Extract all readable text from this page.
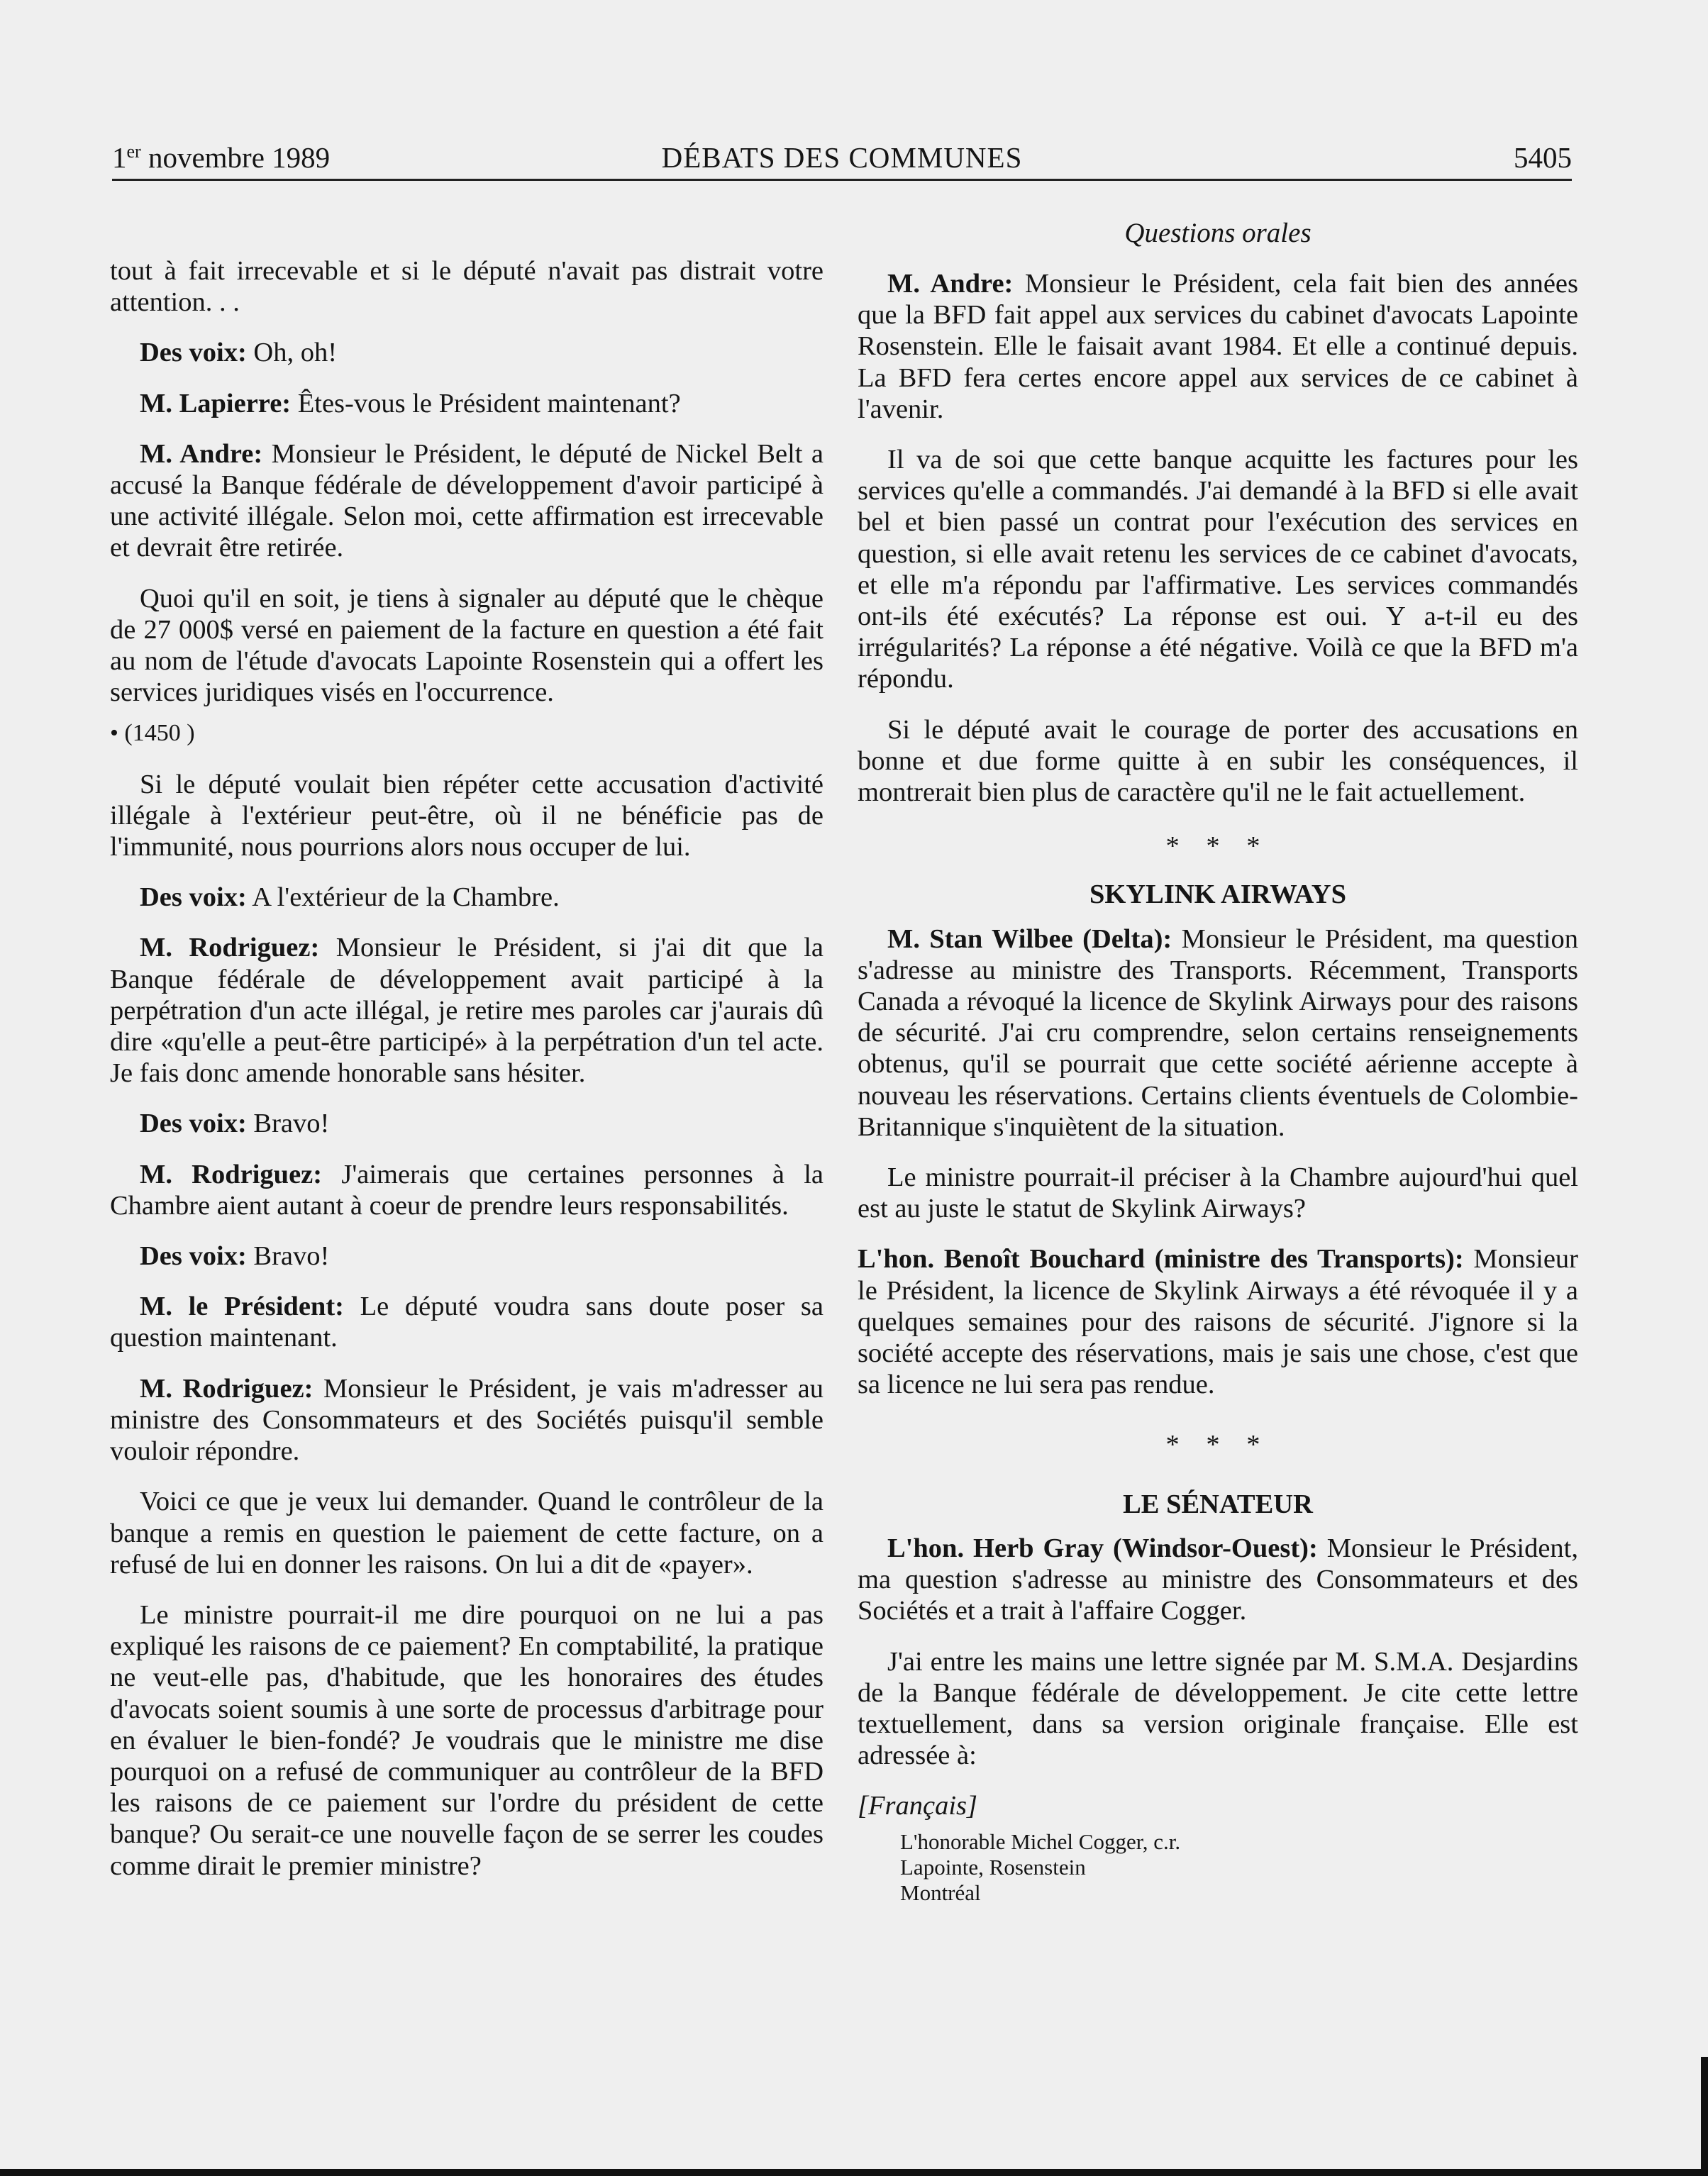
1er novembre 1989	DÉBATS DES COMMUNES	5405
Questions orales

tout à fait irrecevable et si le député n'avait pas distrait votre attention. . .

Des voix: Oh, oh!

M. Lapierre: Êtes-vous le Président maintenant?

M. Andre: Monsieur le Président, le député de Nickel Belt a accusé la Banque fédérale de développement d'avoir participé à une activité illégale. Selon moi, cette affirmation est irrecevable et devrait être retirée.

Quoi qu'il en soit, je tiens à signaler au député que le chèque de 27 000$ versé en paiement de la facture en question a été fait au nom de l'étude d'avocats Lapointe Rosenstein qui a offert les services juridiques visés en l'occurrence.

• (1450 )

Si le député voulait bien répéter cette accusation d'activité illégale à l'extérieur peut-être, où il ne bénéficie pas de l'immunité, nous pourrions alors nous occuper de lui.

Des voix: A l'extérieur de la Chambre.

M. Rodriguez: Monsieur le Président, si j'ai dit que la Banque fédérale de développement avait participé à la perpétration d'un acte illégal, je retire mes paroles car j'aurais dû dire «qu'elle a peut-être participé» à la perpétration d'un tel acte. Je fais donc amende honorable sans hésiter.

Des voix: Bravo!

M. Rodriguez: J'aimerais que certaines personnes à la Chambre aient autant à coeur de prendre leurs responsabilités.

Des voix: Bravo!

M. le Président: Le député voudra sans doute poser sa question maintenant.

M. Rodriguez: Monsieur le Président, je vais m'adresser au ministre des Consommateurs et des Sociétés puisqu'il semble vouloir répondre.

Voici ce que je veux lui demander. Quand le contrôleur de la banque a remis en question le paiement de cette facture, on a refusé de lui en donner les raisons. On lui a dit de «payer».

Le ministre pourrait-il me dire pourquoi on ne lui a pas expliqué les raisons de ce paiement? En comptabilité, la pratique ne veut-elle pas, d'habitude, que les honoraires des études d'avocats soient soumis à une sorte de processus d'arbitrage pour en évaluer le bien-fondé? Je voudrais que le ministre me dise pourquoi on a refusé de communiquer au contrôleur de la BFD les raisons de ce paiement sur l'ordre du président de cette banque? Ou serait-ce une nouvelle façon de se serrer les coudes comme dirait le premier ministre?

M. Andre: Monsieur le Président, cela fait bien des années que la BFD fait appel aux services du cabinet d'avocats Lapointe Rosenstein. Elle le faisait avant 1984. Et elle a continué depuis. La BFD fera certes encore appel aux services de ce cabinet à l'avenir.

Il va de soi que cette banque acquitte les factures pour les services qu'elle a commandés. J'ai demandé à la BFD si elle avait bel et bien passé un contrat pour l'exécution des services en question, si elle avait retenu les services de ce cabinet d'avocats, et elle m'a répondu par l'affirmative. Les services commandés ont-ils été exécutés? La réponse est oui. Y a-t-il eu des irrégularités? La réponse a été négative. Voilà ce que la BFD m'a répondu.

Si le député avait le courage de porter des accusations en bonne et due forme quitte à en subir les conséquences, il montrerait bien plus de caractère qu'il ne le fait actuellement.

* * *

SKYLINK AIRWAYS

M. Stan Wilbee (Delta): Monsieur le Président, ma question s'adresse au ministre des Transports. Récemment, Transports Canada a révoqué la licence de Skylink Airways pour des raisons de sécurité. J'ai cru comprendre, selon certains renseignements obtenus, qu'il se pourrait que cette société aérienne accepte à nouveau les réservations. Certains clients éventuels de Colombie-Britannique s'inquiètent de la situation.

Le ministre pourrait-il préciser à la Chambre aujourd'hui quel est au juste le statut de Skylink Airways?

L'hon. Benoît Bouchard (ministre des Transports): Monsieur le Président, la licence de Skylink Airways a été révoquée il y a quelques semaines pour des raisons de sécurité. J'ignore si la société accepte des réservations, mais je sais une chose, c'est que sa licence ne lui sera pas rendue.

* * *

LE SÉNATEUR

L'hon. Herb Gray (Windsor-Ouest): Monsieur le Président, ma question s'adresse au ministre des Consommateurs et des Sociétés et a trait à l'affaire Cogger.

J'ai entre les mains une lettre signée par M. S.M.A. Desjardins de la Banque fédérale de développement. Je cite cette lettre textuellement, dans sa version originale française. Elle est adressée à:

[Français]

L'honorable Michel Cogger, c.r.
Lapointe, Rosenstein
Montréal
